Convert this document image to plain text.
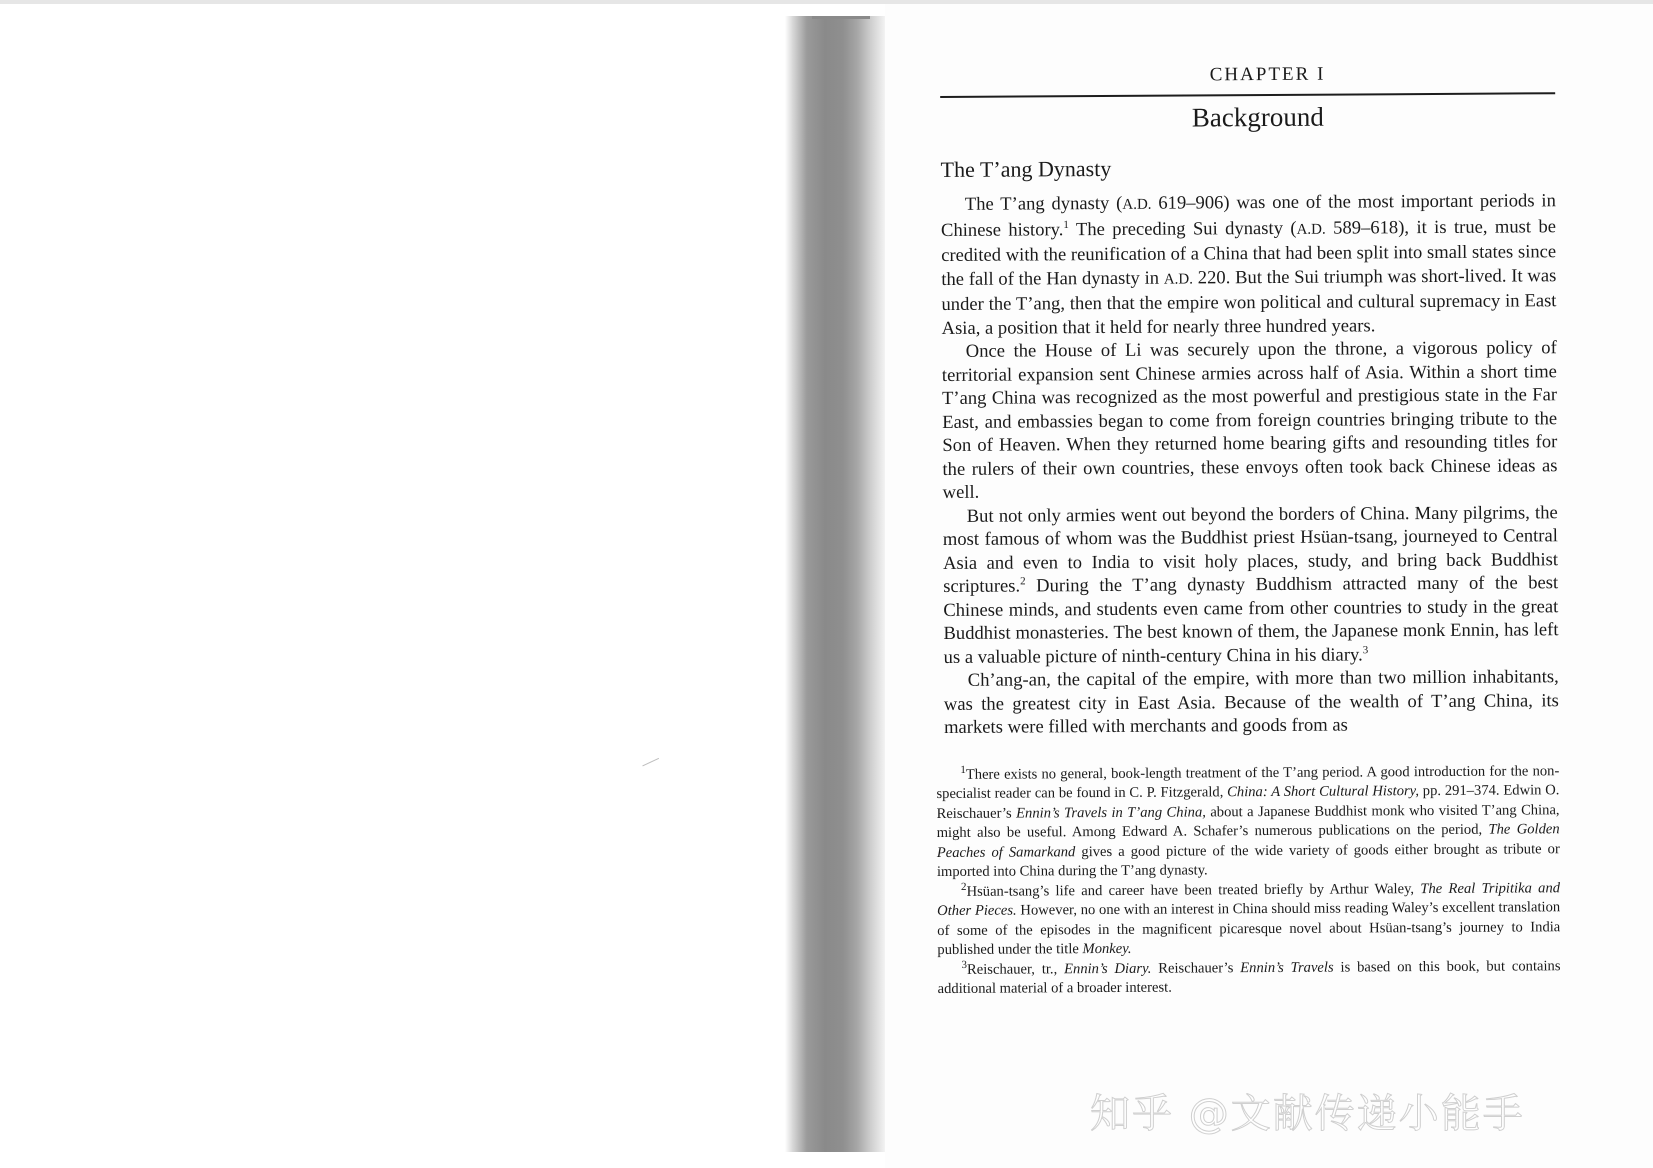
CHAPTER I
Background
The T’ang Dynasty

The T’ang dynasty (A.D. 619–906) was one of the most important periods in Chinese history.$^1$ The preceding Sui dynasty (A.D. 589–618), it is true, must be credited with the reunification of a China that had been split into small states since the fall of the Han dynasty in A.D. 220. But the Sui triumph was short-lived. It was under the T’ang, then that the empire won political and cultural supremacy in East Asia, a position that it held for nearly three hundred years.

Once the House of Li was securely upon the throne, a vigorous policy of territorial expansion sent Chinese armies across half of Asia. Within a short time T’ang China was recognized as the most powerful and prestigious state in the Far East, and embassies began to come from foreign countries bringing tribute to the Son of Heaven. When they returned home bearing gifts and resounding titles for the rulers of their own countries, these envoys often took back Chinese ideas as well.

But not only armies went out beyond the borders of China. Many pilgrims, the most famous of whom was the Buddhist priest Hsüan-tsang, journeyed to Central Asia and even to India to visit holy places, study, and bring back Buddhist scriptures.$^2$ During the T’ang dynasty Buddhism attracted many of the best Chinese minds, and students even came from other countries to study in the great Buddhist monasteries. The best known of them, the Japanese monk Ennin, has left us a valuable picture of ninth-century China in his diary.$^3$

Ch’ang-an, the capital of the empire, with more than two million inhabitants, was the greatest city in East Asia. Because of the wealth of T’ang China, its markets were filled with merchants and goods from as

$^1$There exists no general, book-length treatment of the T’ang period. A good introduction for the non-specialist reader can be found in C. P. Fitzgerald, China: A Short Cultural History, pp. 291–374. Edwin O. Reischauer’s Ennin’s Travels in T’ang China, about a Japanese Buddhist monk who visited T’ang China, might also be useful. Among Edward A. Schafer’s numerous publications on the period, The Golden Peaches of Samarkand gives a good picture of the wide variety of goods either brought as tribute or imported into China during the T’ang dynasty.

$^2$Hsüan-tsang’s life and career have been treated briefly by Arthur Waley, The Real Tripitika and Other Pieces. However, no one with an interest in China should miss reading Waley’s excellent translation of some of the episodes in the magnificent picaresque novel about Hsüan-tsang’s journey to India published under the title Monkey.

$^3$Reischauer, tr., Ennin’s Diary. Reischauer’s Ennin’s Travels is based on this book, but contains additional material of a broader interest.

知乎 @文献传递小能手
